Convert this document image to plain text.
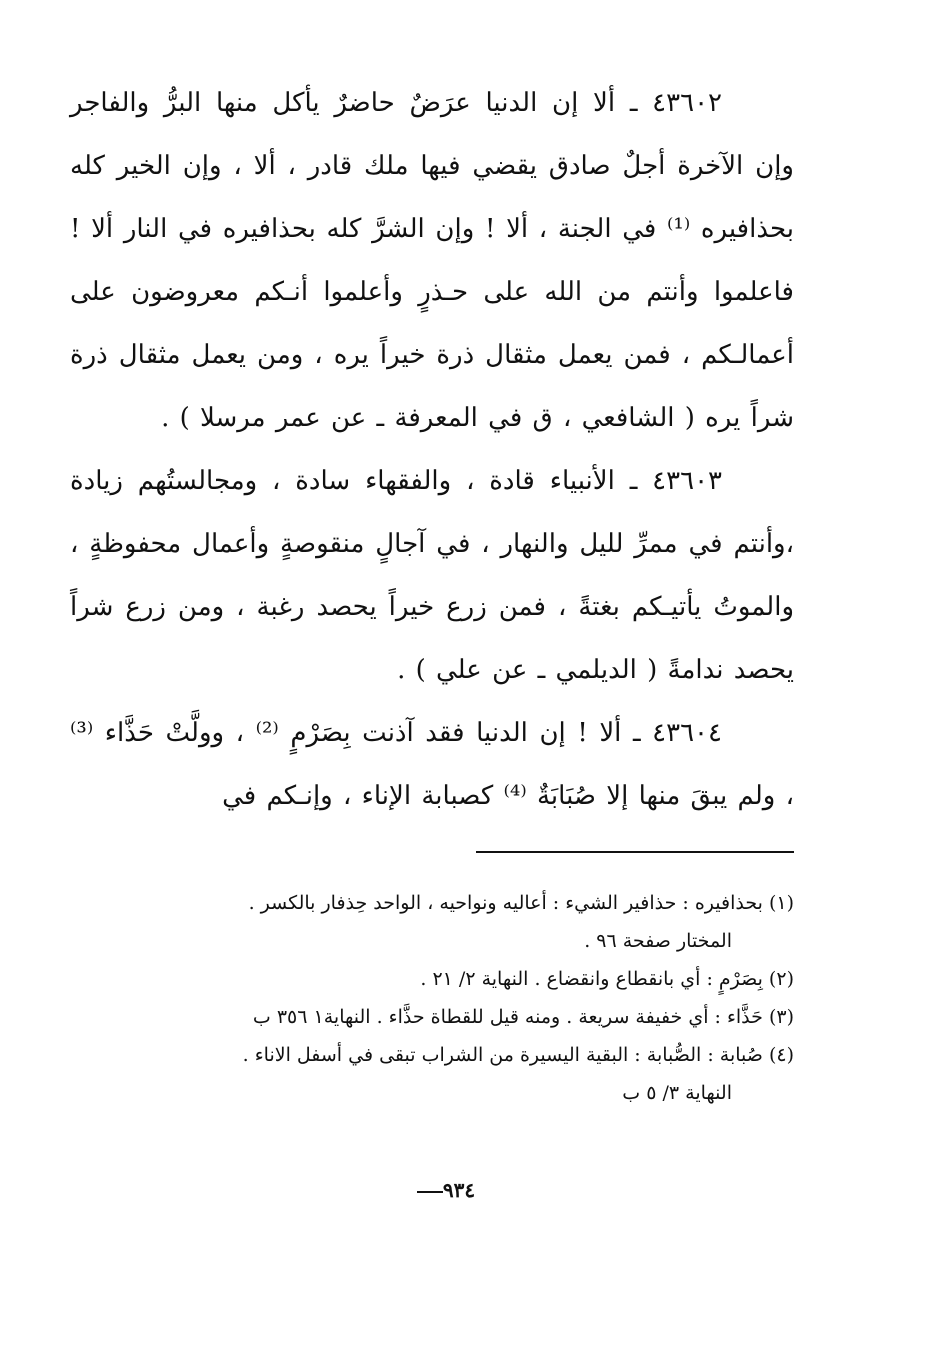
٤٣٦٠٢ ـ ألا إن الدنيا عرَضٌ حاضرٌ يأكل منها البرُّ والفاجر وإن الآخرة أجلٌ صادق يقضي فيها ملك قادر ، ألا ، وإن الخير كله بحذافيره ⁽¹⁾ في الجنة ، ألا ! وإن الشرَّ كله بحذافيره في النار ألا ! فاعلموا وأنتم من الله على حـذرٍ وأعلموا أنـكم معروضون على أعمالـكم ، فمن يعمل مثقال ذرة خيراً يره ، ومن يعمل مثقال ذرة شراً يره ( الشافعي ، ق في المعرفة ـ عن عمر مرسلا ) .

٤٣٦٠٣ ـ الأنبياء قادة ، والفقهاء سادة ، ومجالستُهم زيادة ،وأنتم في ممرِّ لليل والنهار ، في آجالٍ منقوصةٍ وأعمال محفوظةٍ ، والموتُ يأتيـكم بغتةً ، فمن زرع خيراً يحصد رغبة ، ومن زرع شراً يحصد ندامةً ( الديلمي ـ عن علي ) .

٤٣٦٠٤ ـ ألا ! إن الدنيا فقد آذنت بِصَرْمٍ ⁽²⁾ ، وولَّتْ حَذَّاء ⁽³⁾ ، ولم يبقَ منها إلا صُبَابَةٌ ⁽⁴⁾ كصبابة الإناء ، وإنـكم في

(١) بحذافيره : حذافير الشيء : أعاليه ونواحيه ، الواحد حِذفار بالكسر .

المختار صفحة ٩٦ .

(٢) بِصَرْمٍ : أي بانقطاع وانقضاع . النهاية ٢/ ٢١ .

(٣) حَذَّاء : أي خفيفة سريعة . ومنه قيل للقطاة حذَّاء . النهاية١ ٣٥٦ ب

(٤) صُبابة : الصُّبابة : البقية اليسيرة من الشراب تبقى في أسفل الاناء .

النهاية ٣/ ٥ ب

٩٣٤
